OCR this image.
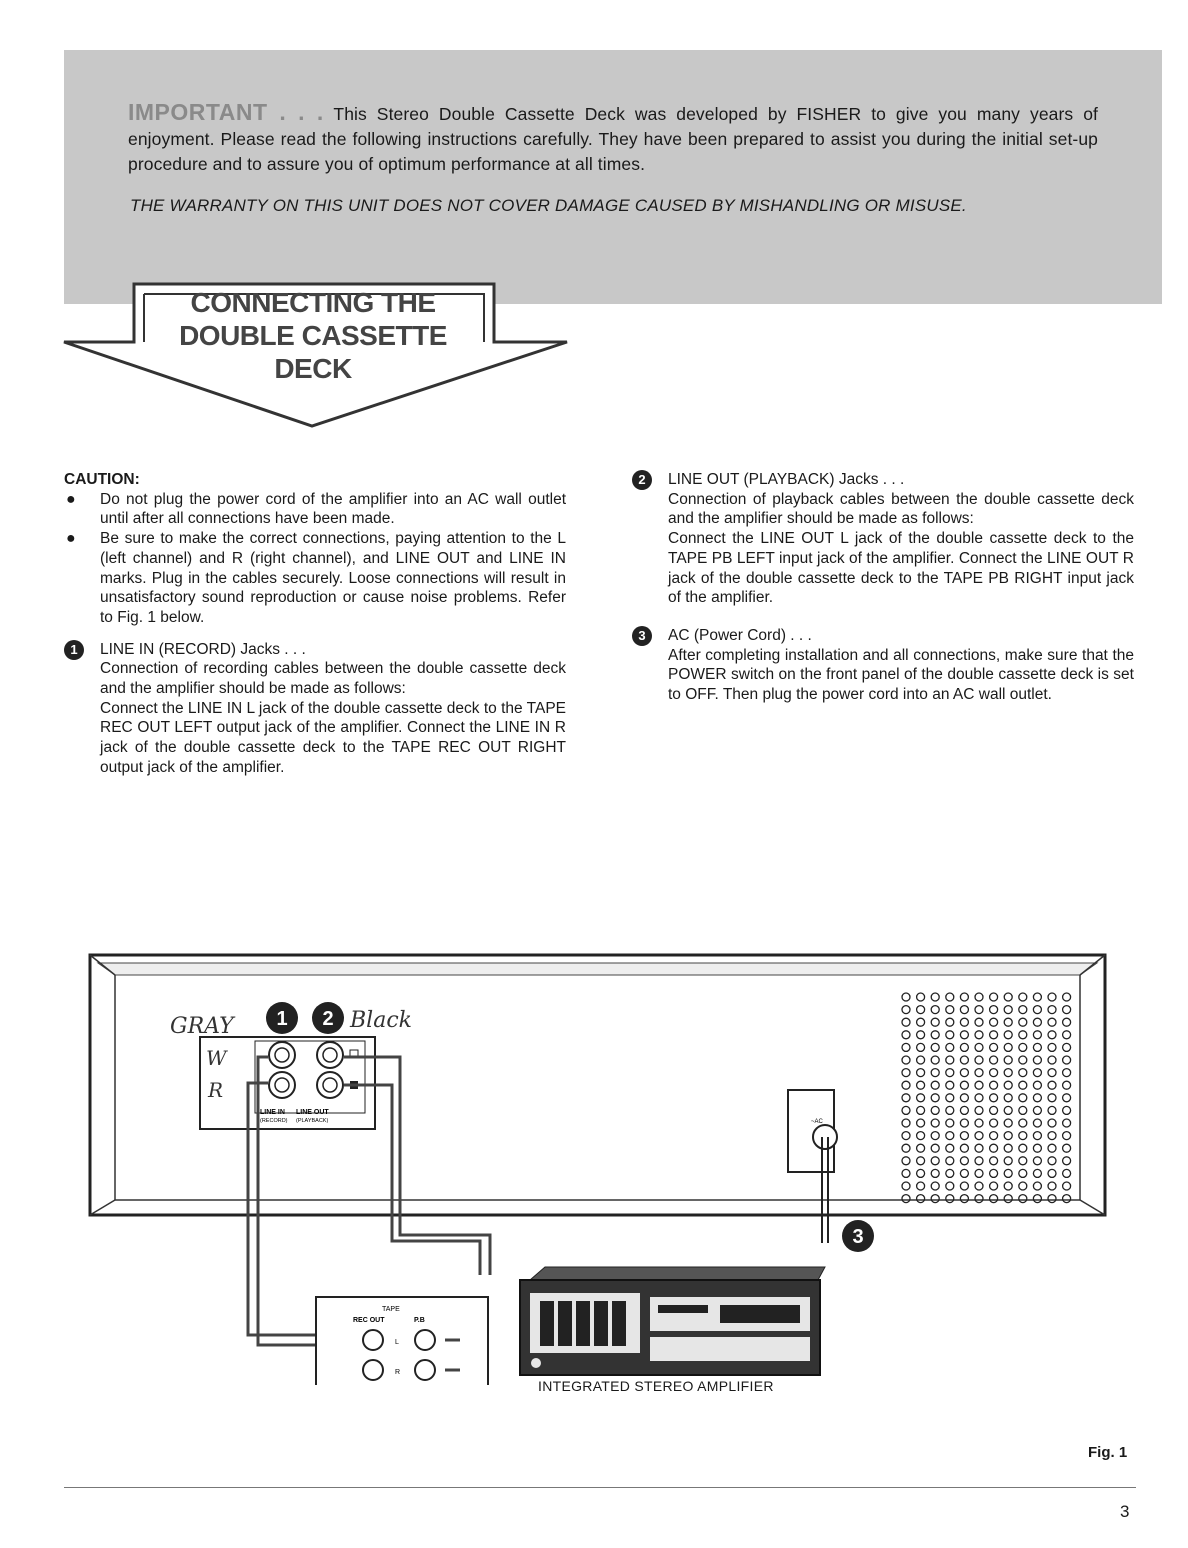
IMPORTANT . . . This Stereo Double Cassette Deck was developed by FISHER to give you many years of enjoyment. Please read the following instructions carefully. They have been prepared to assist you during the initial set-up procedure and to assure you of optimum performance at all times.
THE WARRANTY ON THIS UNIT DOES NOT COVER DAMAGE CAUSED BY MISHANDLING OR MISUSE.
CONNECTING THE
DOUBLE CASSETTE
DECK
CAUTION:
● Do not plug the power cord of the amplifier into an AC wall outlet until after all connections have been made.
● Be sure to make the correct connections, paying attention to the L (left channel) and R (right channel), and LINE OUT and LINE IN marks. Plug in the cables securely. Loose connections will result in unsatisfactory sound reproduction or cause noise problems. Refer to Fig. 1 below.
1	LINE IN (RECORD) Jacks . . .
Connection of recording cables between the double cassette deck and the amplifier should be made as follows:
Connect the LINE IN L jack of the double cassette deck to the TAPE REC OUT LEFT output jack of the amplifier. Connect the LINE IN R jack of the double cassette deck to the TAPE REC OUT RIGHT output jack of the amplifier.
2	LINE OUT (PLAYBACK) Jacks . . .
Connection of playback cables between the double cassette deck and the amplifier should be made as follows:
Connect the LINE OUT L jack of the double cassette deck to the TAPE PB LEFT input jack of the amplifier. Connect the LINE OUT R jack of the double cassette deck to the TAPE PB RIGHT input jack of the amplifier.
3	AC (Power Cord) . . .
After completing installation and all connections, make sure that the POWER switch on the front panel of the double cassette deck is set to OFF. Then plug the power cord into an AC wall outlet.
LINE IN LINE OUT
(RECORD) (PLAYBACK)
1 2
3
GRAY	Black
W
R
~AC
TAPE
REC OUT	P.B
L
R
INTEGRATED STEREO AMPLIFIER
Fig. 1
3
